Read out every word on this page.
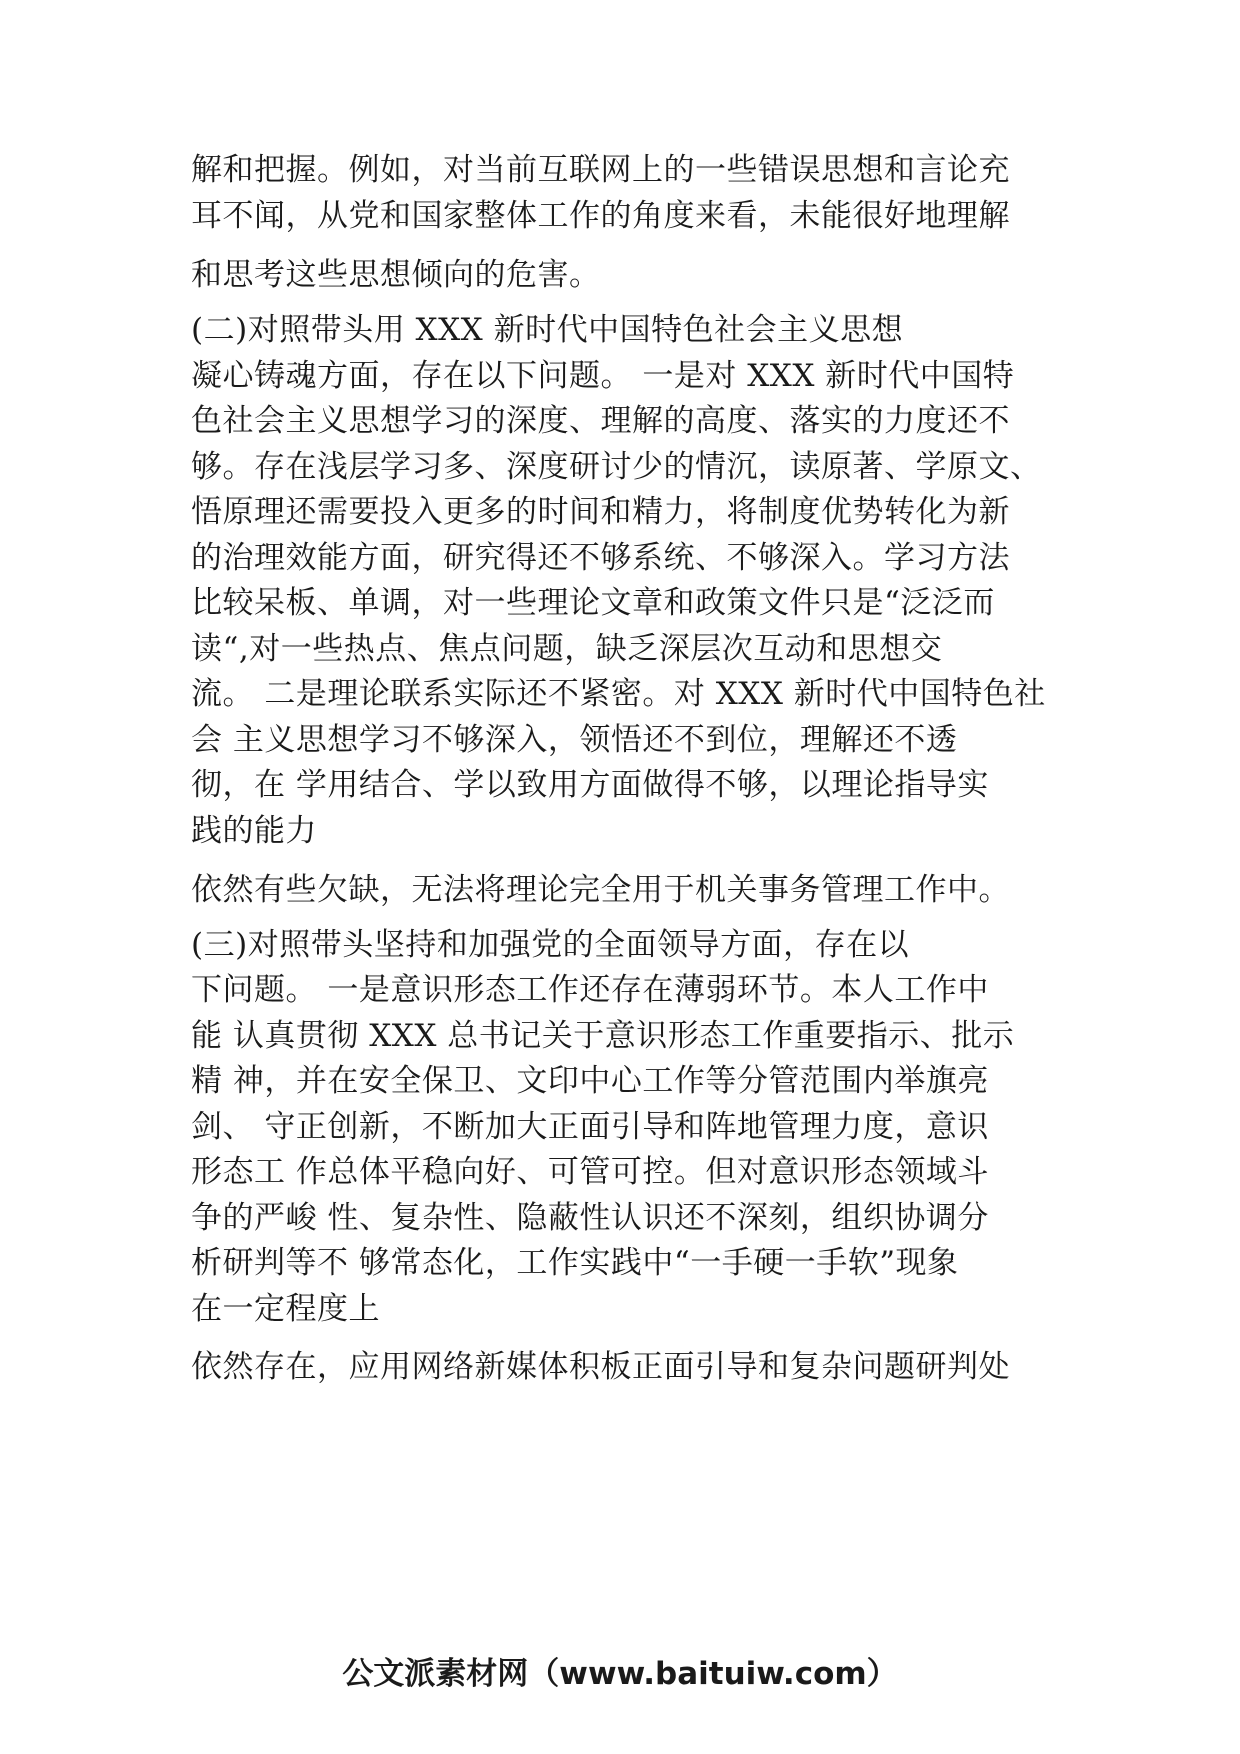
解和把握。例如，对当前互联网上的一些错误思想和言论充
耳不闻，从党和国家整体工作的角度来看，未能很好地理解
和思考这些思想倾向的危害。
(二)对照带头用 XXX 新时代中国特色社会主义思想
凝心铸魂方面，存在以下问题。 一是对 XXX 新时代中国特
色社会主义思想学习的深度、理解的高度、落实的力度还不
够。存在浅层学习多、深度研讨少的情沉，读原著、学原文、
悟原理还需要投入更多的时间和精力，将制度优势转化为新
的治理效能方面，研究得还不够系统、不够深入。学习方法
比较呆板、单调，对一些理论文章和政策文件只是“泛泛而
读“,对一些热点、焦点问题，缺乏深层次互动和思想交
流。 二是理论联系实际还不紧密。对 XXX 新时代中国特色社
会 主义思想学习不够深入，领悟还不到位，理解还不透
彻，在 学用结合、学以致用方面做得不够，以理论指导实
践的能力
依然有些欠缺，无法将理论完全用于机关事务管理工作中。
(三)对照带头坚持和加强党的全面领导方面，存在以
下问题。 一是意识形态工作还存在薄弱环节。本人工作中
能 认真贯彻 XXX 总书记关于意识形态工作重要指示、批示
精 神，并在安全保卫、文印中心工作等分管范围内举旗亮
剑、 守正创新，不断加大正面引导和阵地管理力度，意识
形态工 作总体平稳向好、可管可控。但对意识形态领域斗
争的严峻 性、复杂性、隐蔽性认识还不深刻，组织协调分
析研判等不 够常态化，工作实践中“一手硬一手软”现象
在一定程度上
依然存在，应用网络新媒体积板正面引导和复杂问题研判处
公文派素材网（www.baituiw.com）
